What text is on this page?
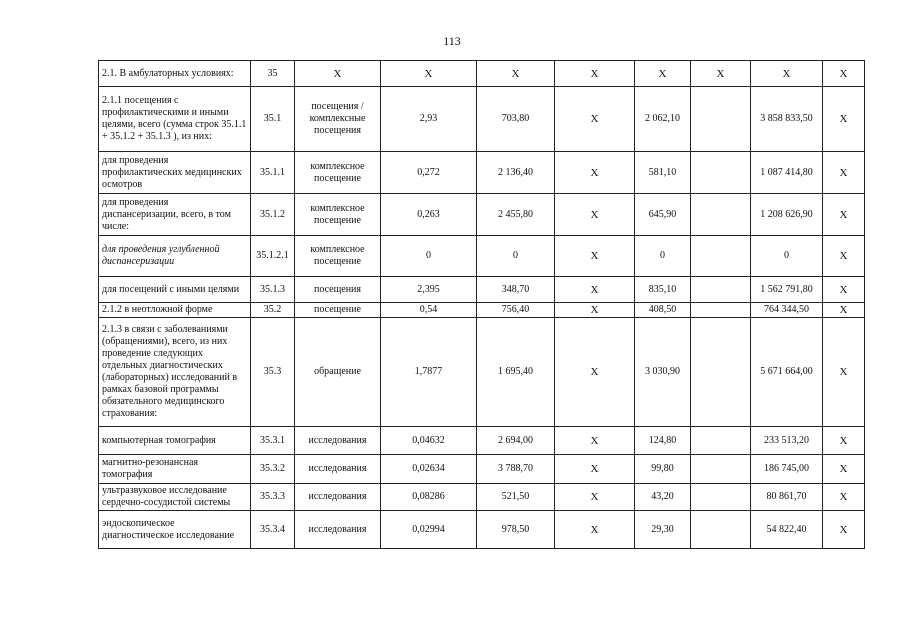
113
2.1. В амбулаторных условиях:	35	X	X	X	X	X	X	X	X
2.1.1 посещения с профилактическими и иными целями, всего (сумма строк 35.1.1 + 35.1.2 + 35.1.3 ), из них:	35.1	посещения / комплексные посещения	2,93	703,80	X	2 062,10		3 858 833,50	X
для проведения профилактических медицинских осмотров	35.1.1	комплексное посещение	0,272	2 136,40	X	581,10		1 087 414,80	X
для проведения диспансеризации, всего, в том числе:	35.1.2	комплексное посещение	0,263	2 455,80	X	645,90		1 208 626,90	X
для проведения углубленной диспансеризации	35.1.2.1	комплексное посещение	0	0	X	0		0	X
для посещений с иными целями	35.1.3	посещения	2,395	348,70	X	835,10		1 562 791,80	X
2.1.2 в неотложной форме	35.2	посещение	0,54	756,40	X	408,50		764 344,50	X
2.1.3 в связи с заболеваниями (обращениями), всего, из них проведение следующих отдельных диагностических (лабораторных) исследований в рамках базовой программы обязательного медицинского страхования:	35.3	обращение	1,7877	1 695,40	X	3 030,90		5 671 664,00	X
компьютерная томография	35.3.1	исследования	0,04632	2 694,00	X	124,80		233 513,20	X
магнитно-резонансная томография	35.3.2	исследования	0,02634	3 788,70	X	99,80		186 745,00	X
ультразвуковое исследование сердечно-сосудистой системы	35.3.3	исследования	0,08286	521,50	X	43,20		80 861,70	X
эндоскопическое диагностическое исследование	35.3.4	исследования	0,02994	978,50	X	29,30		54 822,40	X
